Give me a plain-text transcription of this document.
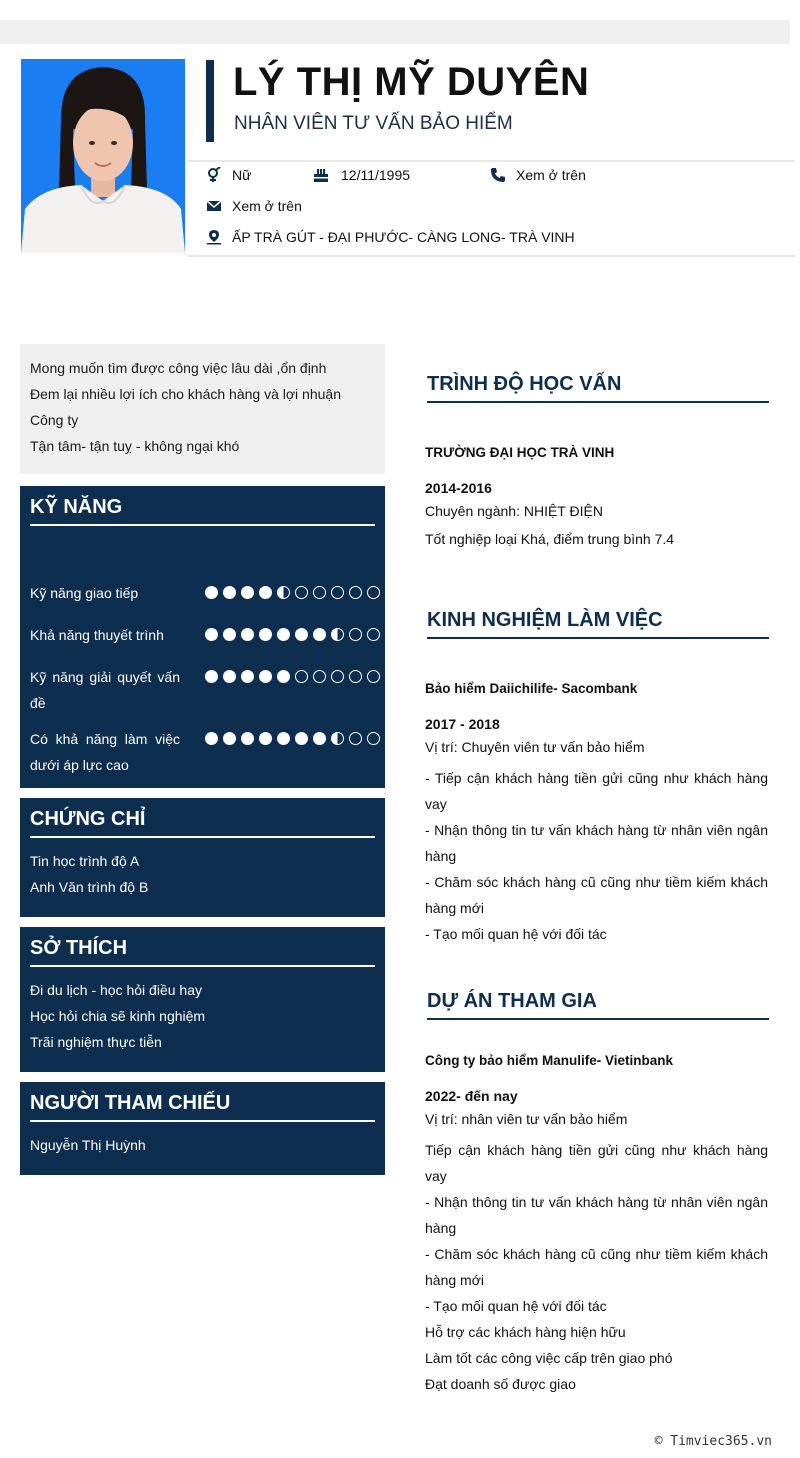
LÝ THỊ MỸ DUYÊN
NHÂN VIÊN TƯ VẤN BẢO HIỂM
Nữ	12/11/1995	Xem ở trên
Xem ở trên
ẤP TRÀ GÚT - ĐẠI PHƯỚC- CÀNG LONG- TRÀ VINH

Mong muốn tìm được công việc lâu dài ,ổn định

Đem lại nhiều lợi ích cho khách hàng và lợi nhuận Công ty

Tận tâm- tận tuỵ - không ngại khó

KỸ NĂNG
Kỹ năng giao tiếp
Khả năng thuyết trình
Kỹ năng giải quyết vấn đề
Có khả năng làm việc dưới áp lực cao
CHỨNG CHỈ
Tin học trình độ A
Anh Văn trình độ B
SỞ THÍCH
Đi du lịch - học hỏi điều hay
Học hỏi chia sẽ kinh nghiệm
Trãi nghiệm thực tiễn
NGƯỜI THAM CHIẾU
Nguyễn Thị Huỳnh
TRÌNH ĐỘ HỌC VẤN
TRƯỜNG ĐẠI HỌC TRÀ VINH
2014-2016
Chuyên ngành: NHIỆT ĐIỆN
Tốt nghiệp loại Khá, điểm trung bình 7.4
KINH NGHIỆM LÀM VIỆC
Bảo hiểm Daiichilife- Sacombank
2017 - 2018
Vị trí: Chuyên viên tư vấn bảo hiểm
- Tiếp cận khách hàng tiền gửi cũng như khách hàng vay
- Nhận thông tin tư vấn khách hàng từ nhân viên ngân hàng
- Chăm sóc khách hàng cũ cũng như tiềm kiếm khách hàng mới
- Tạo mối quan hệ với đối tác
DỰ ÁN THAM GIA
Công ty bảo hiểm Manulife- Vietinbank
2022- đến nay
Vị trí: nhân viên tư vấn bảo hiểm
Tiếp cận khách hàng tiền gửi cũng như khách hàng vay
- Nhận thông tin tư vấn khách hàng từ nhân viên ngân hàng
- Chăm sóc khách hàng cũ cũng như tiềm kiếm khách hàng mới
- Tạo mối quan hệ với đối tác
Hỗ trợ các khách hàng hiện hữu
Làm tốt các công việc cấp trên giao phó
Đạt doanh số được giao
© Timviec365.vn
